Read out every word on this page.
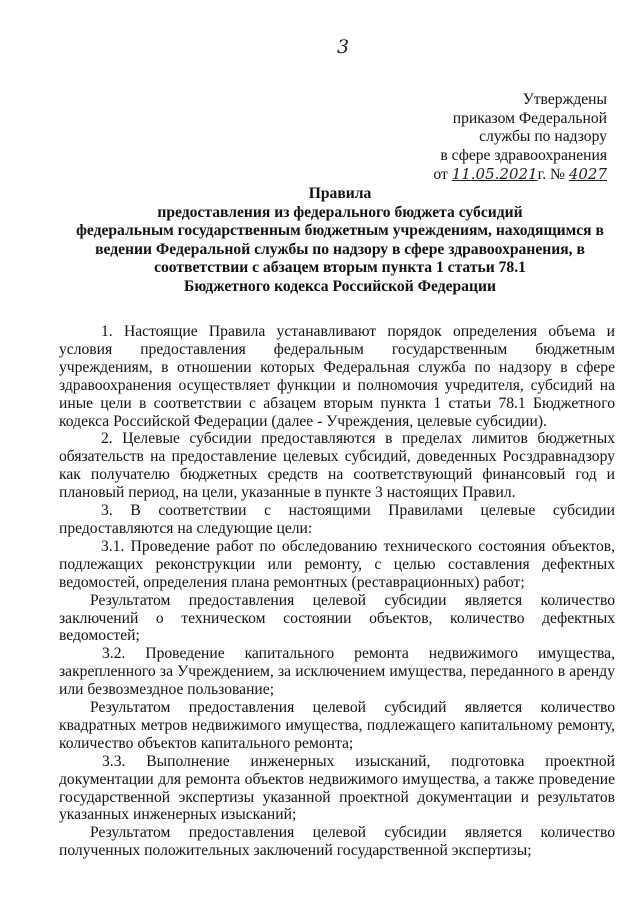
3
Утверждены
приказом Федеральной
службы по надзору
в сфере здравоохранения
от 11.05.2021г. № 4027
Правила
предоставления из федерального бюджета субсидий
федеральным государственным бюджетным учреждениям, находящимся в
ведении Федеральной службы по надзору в сфере здравоохранения, в
соответствии с абзацем вторым пункта 1 статьи 78.1
Бюджетного кодекса Российской Федерации

1. Настоящие Правила устанавливают порядок определения объема и условия предоставления федеральным государственным бюджетным учреждениям, в отношении которых Федеральная служба по надзору в сфере здравоохранения осуществляет функции и полномочия учредителя, субсидий на иные цели в соответствии с абзацем вторым пункта 1 статьи 78.1 Бюджетного кодекса Российской Федерации (далее - Учреждения, целевые субсидии).

2. Целевые субсидии предоставляются в пределах лимитов бюджетных обязательств на предоставление целевых субсидий, доведенных Росздравнадзору как получателю бюджетных средств на соответствующий финансовый год и плановый период, на цели, указанные в пункте 3 настоящих Правил.

3. В соответствии с настоящими Правилами целевые субсидии предоставляются на следующие цели:

3.1. Проведение работ по обследованию технического состояния объектов, подлежащих реконструкции или ремонту, с целью составления дефектных ведомостей, определения плана ремонтных (реставрационных) работ;

Результатом предоставления целевой субсидии является количество заключений о техническом состоянии объектов, количество дефектных ведомостей;

3.2. Проведение капитального ремонта недвижимого имущества, закрепленного за Учреждением, за исключением имущества, переданного в аренду или безвозмездное пользование;

Результатом предоставления целевой субсидий является количество квадратных метров недвижимого имущества, подлежащего капитальному ремонту, количество объектов капитального ремонта;

3.3. Выполнение инженерных изысканий, подготовка проектной документации для ремонта объектов недвижимого имущества, а также проведение государственной экспертизы указанной проектной документации и результатов указанных инженерных изысканий;

Результатом предоставления целевой субсидии является количество полученных положительных заключений государственной экспертизы;
